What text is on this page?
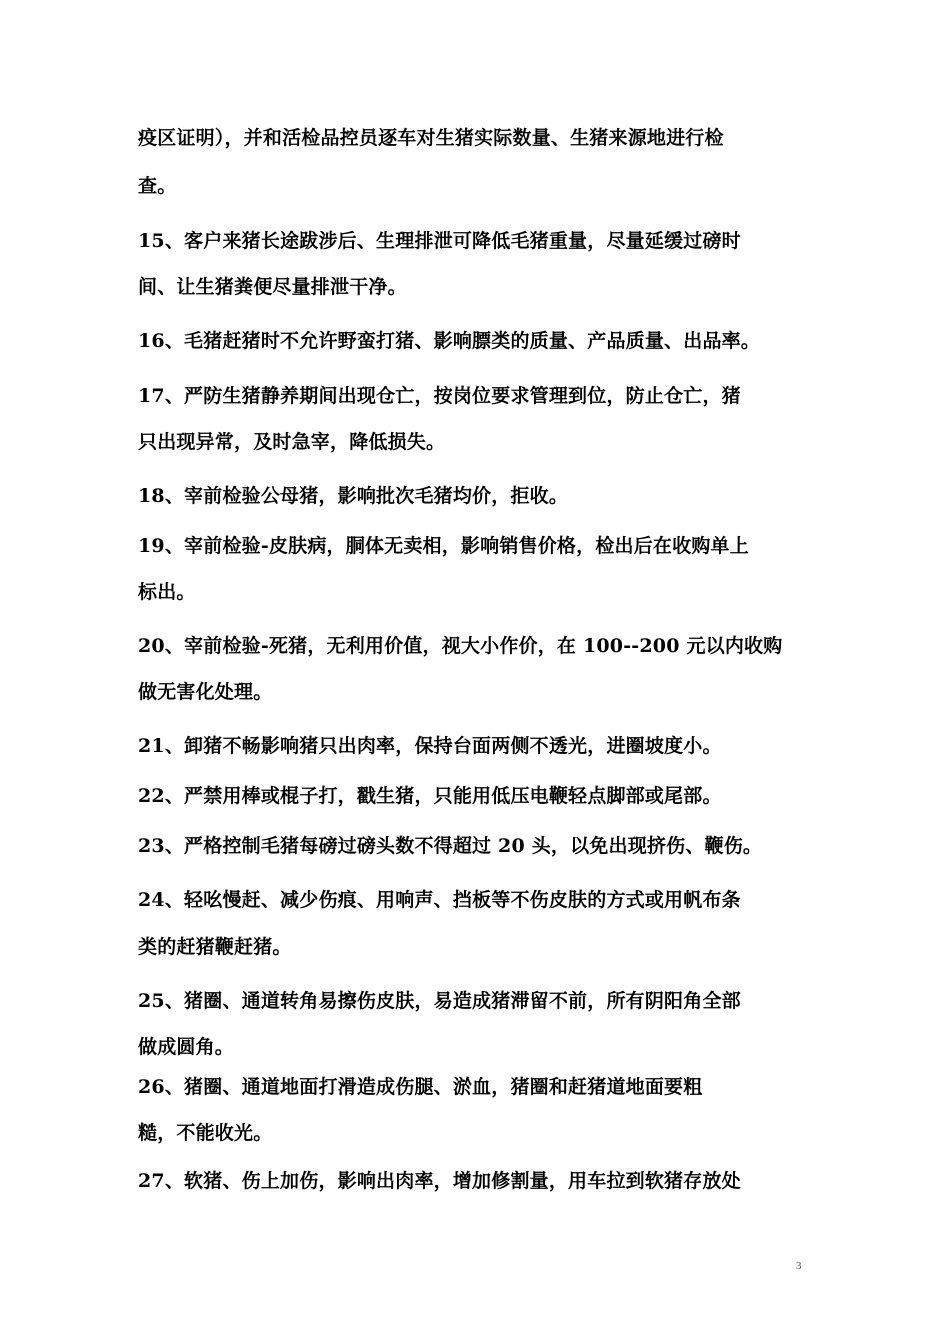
疫区证明），并和活检品控员逐车对生猪实际数量、生猪来源地进行检
查。
15、客户来猪长途跋涉后、生理排泄可降低毛猪重量，尽量延缓过磅时
间、让生猪粪便尽量排泄干净。
16、毛猪赶猪时不允许野蛮打猪、影响膘类的质量、产品质量、出品率。
17、严防生猪静养期间出现仓亡，按岗位要求管理到位，防止仓亡，猪
只出现异常，及时急宰，降低损失。
18、宰前检验公母猪，影响批次毛猪均价，拒收。
19、宰前检验-皮肤病，胴体无卖相，影响销售价格，检出后在收购单上
标出。
20、宰前检验-死猪，无利用价值，视大小作价，在 100--200 元以内收购
做无害化处理。
21、卸猪不畅影响猪只出肉率，保持台面两侧不透光，进圈坡度小。
22、严禁用棒或棍子打，戳生猪，只能用低压电鞭轻点脚部或尾部。
23、严格控制毛猪每磅过磅头数不得超过 20 头，以免出现挤伤、鞭伤。
24、轻吆慢赶、减少伤痕、用响声、挡板等不伤皮肤的方式或用帆布条
类的赶猪鞭赶猪。
25、猪圈、通道转角易擦伤皮肤，易造成猪滞留不前，所有阴阳角全部
做成圆角。
26、猪圈、通道地面打滑造成伤腿、淤血，猪圈和赶猪道地面要粗
糙，不能收光。
27、软猪、伤上加伤，影响出肉率，增加修割量，用车拉到软猪存放处
3
